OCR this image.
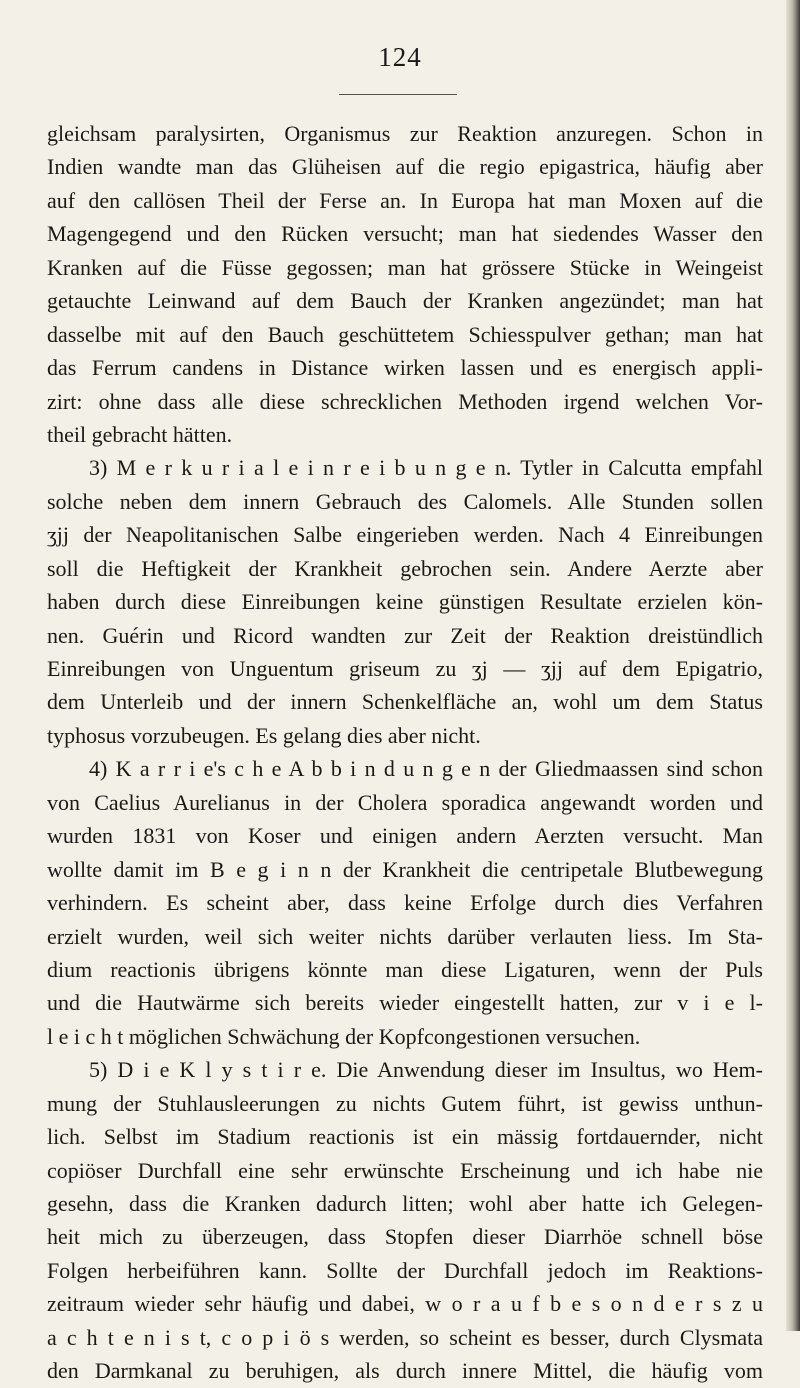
124
gleichsam paralysirten, Organismus zur Reaktion anzuregen. Schon in
Indien wandte man das Glüheisen auf die regio epigastrica, häufig aber
auf den callösen Theil der Ferse an. In Europa hat man Moxen auf die
Magengegend und den Rücken versucht; man hat siedendes Wasser den
Kranken auf die Füsse gegossen; man hat grössere Stücke in Weingeist
getauchte Leinwand auf dem Bauch der Kranken angezündet; man hat
dasselbe mit auf den Bauch geschüttetem Schiesspulver gethan; man hat
das Ferrum candens in Distance wirken lassen und es energisch appli-
zirt: ohne dass alle diese schrecklichen Methoden irgend welchen Vor-
theil gebracht hätten.
3) M e r k u r i a l e i n r e i b u n g e n. Tytler in Calcutta empfahl
solche neben dem innern Gebrauch des Calomels. Alle Stunden sollen
ʒjj der Neapolitanischen Salbe eingerieben werden. Nach 4 Einreibungen
soll die Heftigkeit der Krankheit gebrochen sein. Andere Aerzte aber
haben durch diese Einreibungen keine günstigen Resultate erzielen kön-
nen. Guérin und Ricord wandten zur Zeit der Reaktion dreistündlich
Einreibungen von Unguentum griseum zu ʒj — ʒjj auf dem Epigatrio,
dem Unterleib und der innern Schenkelfläche an, wohl um dem Status
typhosus vorzubeugen. Es gelang dies aber nicht.
4) K a r r i e's c h e A b b i n d u n g e n der Gliedmaassen sind schon
von Caelius Aurelianus in der Cholera sporadica angewandt worden und
wurden 1831 von Koser und einigen andern Aerzten versucht. Man
wollte damit im B e g i n n der Krankheit die centripetale Blutbewegung
verhindern. Es scheint aber, dass keine Erfolge durch dies Verfahren
erzielt wurden, weil sich weiter nichts darüber verlauten liess. Im Sta-
dium reactionis übrigens könnte man diese Ligaturen, wenn der Puls
und die Hautwärme sich bereits wieder eingestellt hatten, zur v i e l-
l e i c h t möglichen Schwächung der Kopfcongestionen versuchen.
5) D i e K l y s t i r e. Die Anwendung dieser im Insultus, wo Hem-
mung der Stuhlausleerungen zu nichts Gutem führt, ist gewiss unthun-
lich. Selbst im Stadium reactionis ist ein mässig fortdauernder, nicht
copiöser Durchfall eine sehr erwünschte Erscheinung und ich habe nie
gesehn, dass die Kranken dadurch litten; wohl aber hatte ich Gelegen-
heit mich zu überzeugen, dass Stopfen dieser Diarrhöe schnell böse
Folgen herbeiführen kann. Sollte der Durchfall jedoch im Reaktions-
zeitraum wieder sehr häufig und dabei, w o r a u f b e s o n d e r s z u
a c h t e n i s t, c o p i ö s werden, so scheint es besser, durch Clysmata
den Darmkanal zu beruhigen, als durch innere Mittel, die häufig vom
